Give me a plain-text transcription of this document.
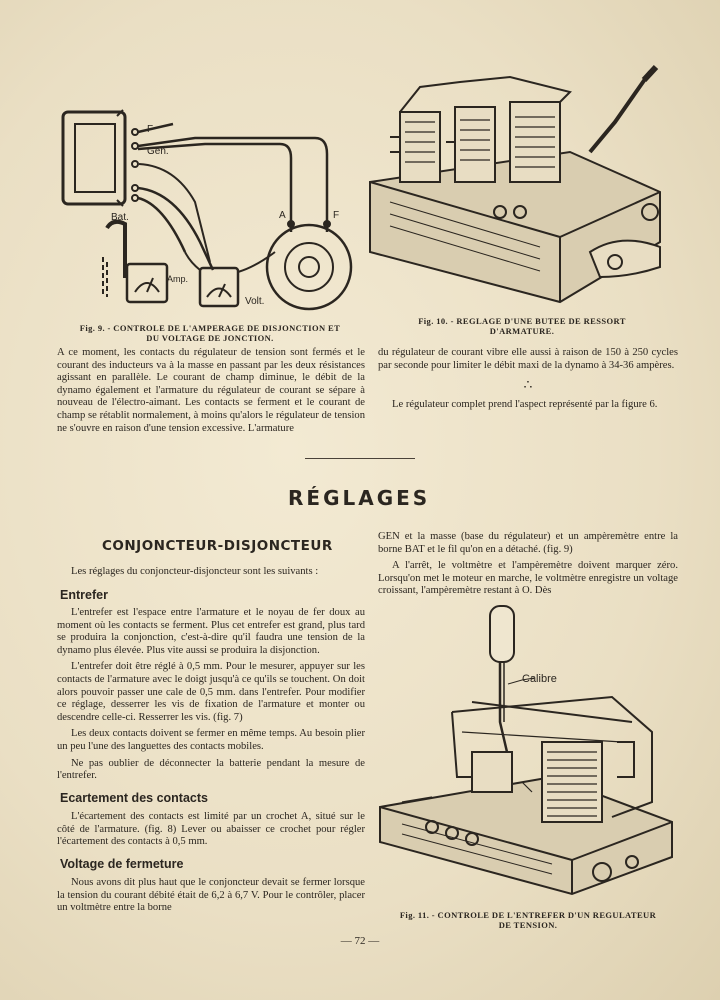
F
Gen.
Bat.
Amp.
Volt.
A	F
Fig. 9. - CONTROLE DE L'AMPERAGE DE DISJONCTION ET
DU VOLTAGE DE JONCTION.
Fig. 10. - REGLAGE D'UNE BUTEE DE RESSORT
D'ARMATURE.

A ce moment, les contacts du régulateur de tension sont fermés et le courant des inducteurs va à la masse en passant par les deux résistances agissant en parallèle. Le courant de champ diminue, le débit de la dynamo également et l'armature du régulateur de courant se sépare à nouveau de l'électro-aimant. Les contacts se ferment et le courant de champ se rétablit normalement, à moins qu'alors le régulateur de tension ne s'ouvre en raison d'une tension excessive. L'armature

du régulateur de courant vibre elle aussi à raison de 150 à 250 cycles par seconde pour limiter le débit maxi de la dynamo à 34-36 ampères.

∴

Le régulateur complet prend l'aspect représenté par la figure 6.

RÉGLAGES
CONJONCTEUR-DISJONCTEUR

Les réglages du conjoncteur-disjoncteur sont les suivants :

Entrefer

L'entrefer est l'espace entre l'armature et le noyau de fer doux au moment où les contacts se ferment. Plus cet entrefer est grand, plus tard se produira la conjonction, c'est-à-dire qu'il faudra une tension de la dynamo plus élevée. Plus vite aussi se produira la disjonction.

L'entrefer doit être réglé à 0,5 mm. Pour le mesurer, appuyer sur les contacts de l'armature avec le doigt jusqu'à ce qu'ils se touchent. On doit alors pouvoir passer une cale de 0,5 mm. dans l'entrefer. Pour modifier ce réglage, desserrer les vis de fixation de l'armature et monter ou descendre celle-ci. Resserrer les vis. (fig. 7)

Les deux contacts doivent se fermer en même temps. Au besoin plier un peu l'une des languettes des contacts mobiles.

Ne pas oublier de déconnecter la batterie pendant la mesure de l'entrefer.

Ecartement des contacts

L'écartement des contacts est limité par un crochet A, situé sur le côté de l'armature. (fig. 8) Lever ou abaisser ce crochet pour régler l'écartement des contacts à 0,5 mm.

Voltage de fermeture

Nous avons dit plus haut que le conjoncteur devait se fermer lorsque la tension du courant débité était de 6,2 à 6,7 V. Pour le contrôler, placer un voltmètre entre la borne

GEN et la masse (base du régulateur) et un ampèremètre entre la borne BAT et le fil qu'on en a détaché. (fig. 9)

A l'arrêt, le voltmètre et l'ampèremètre doivent marquer zéro. Lorsqu'on met le moteur en marche, le voltmètre enregistre un voltage croissant, l'ampèremètre restant à O. Dès

Calibre
Fig. 11. - CONTROLE DE L'ENTREFER D'UN REGULATEUR
DE TENSION.
— 72 —
